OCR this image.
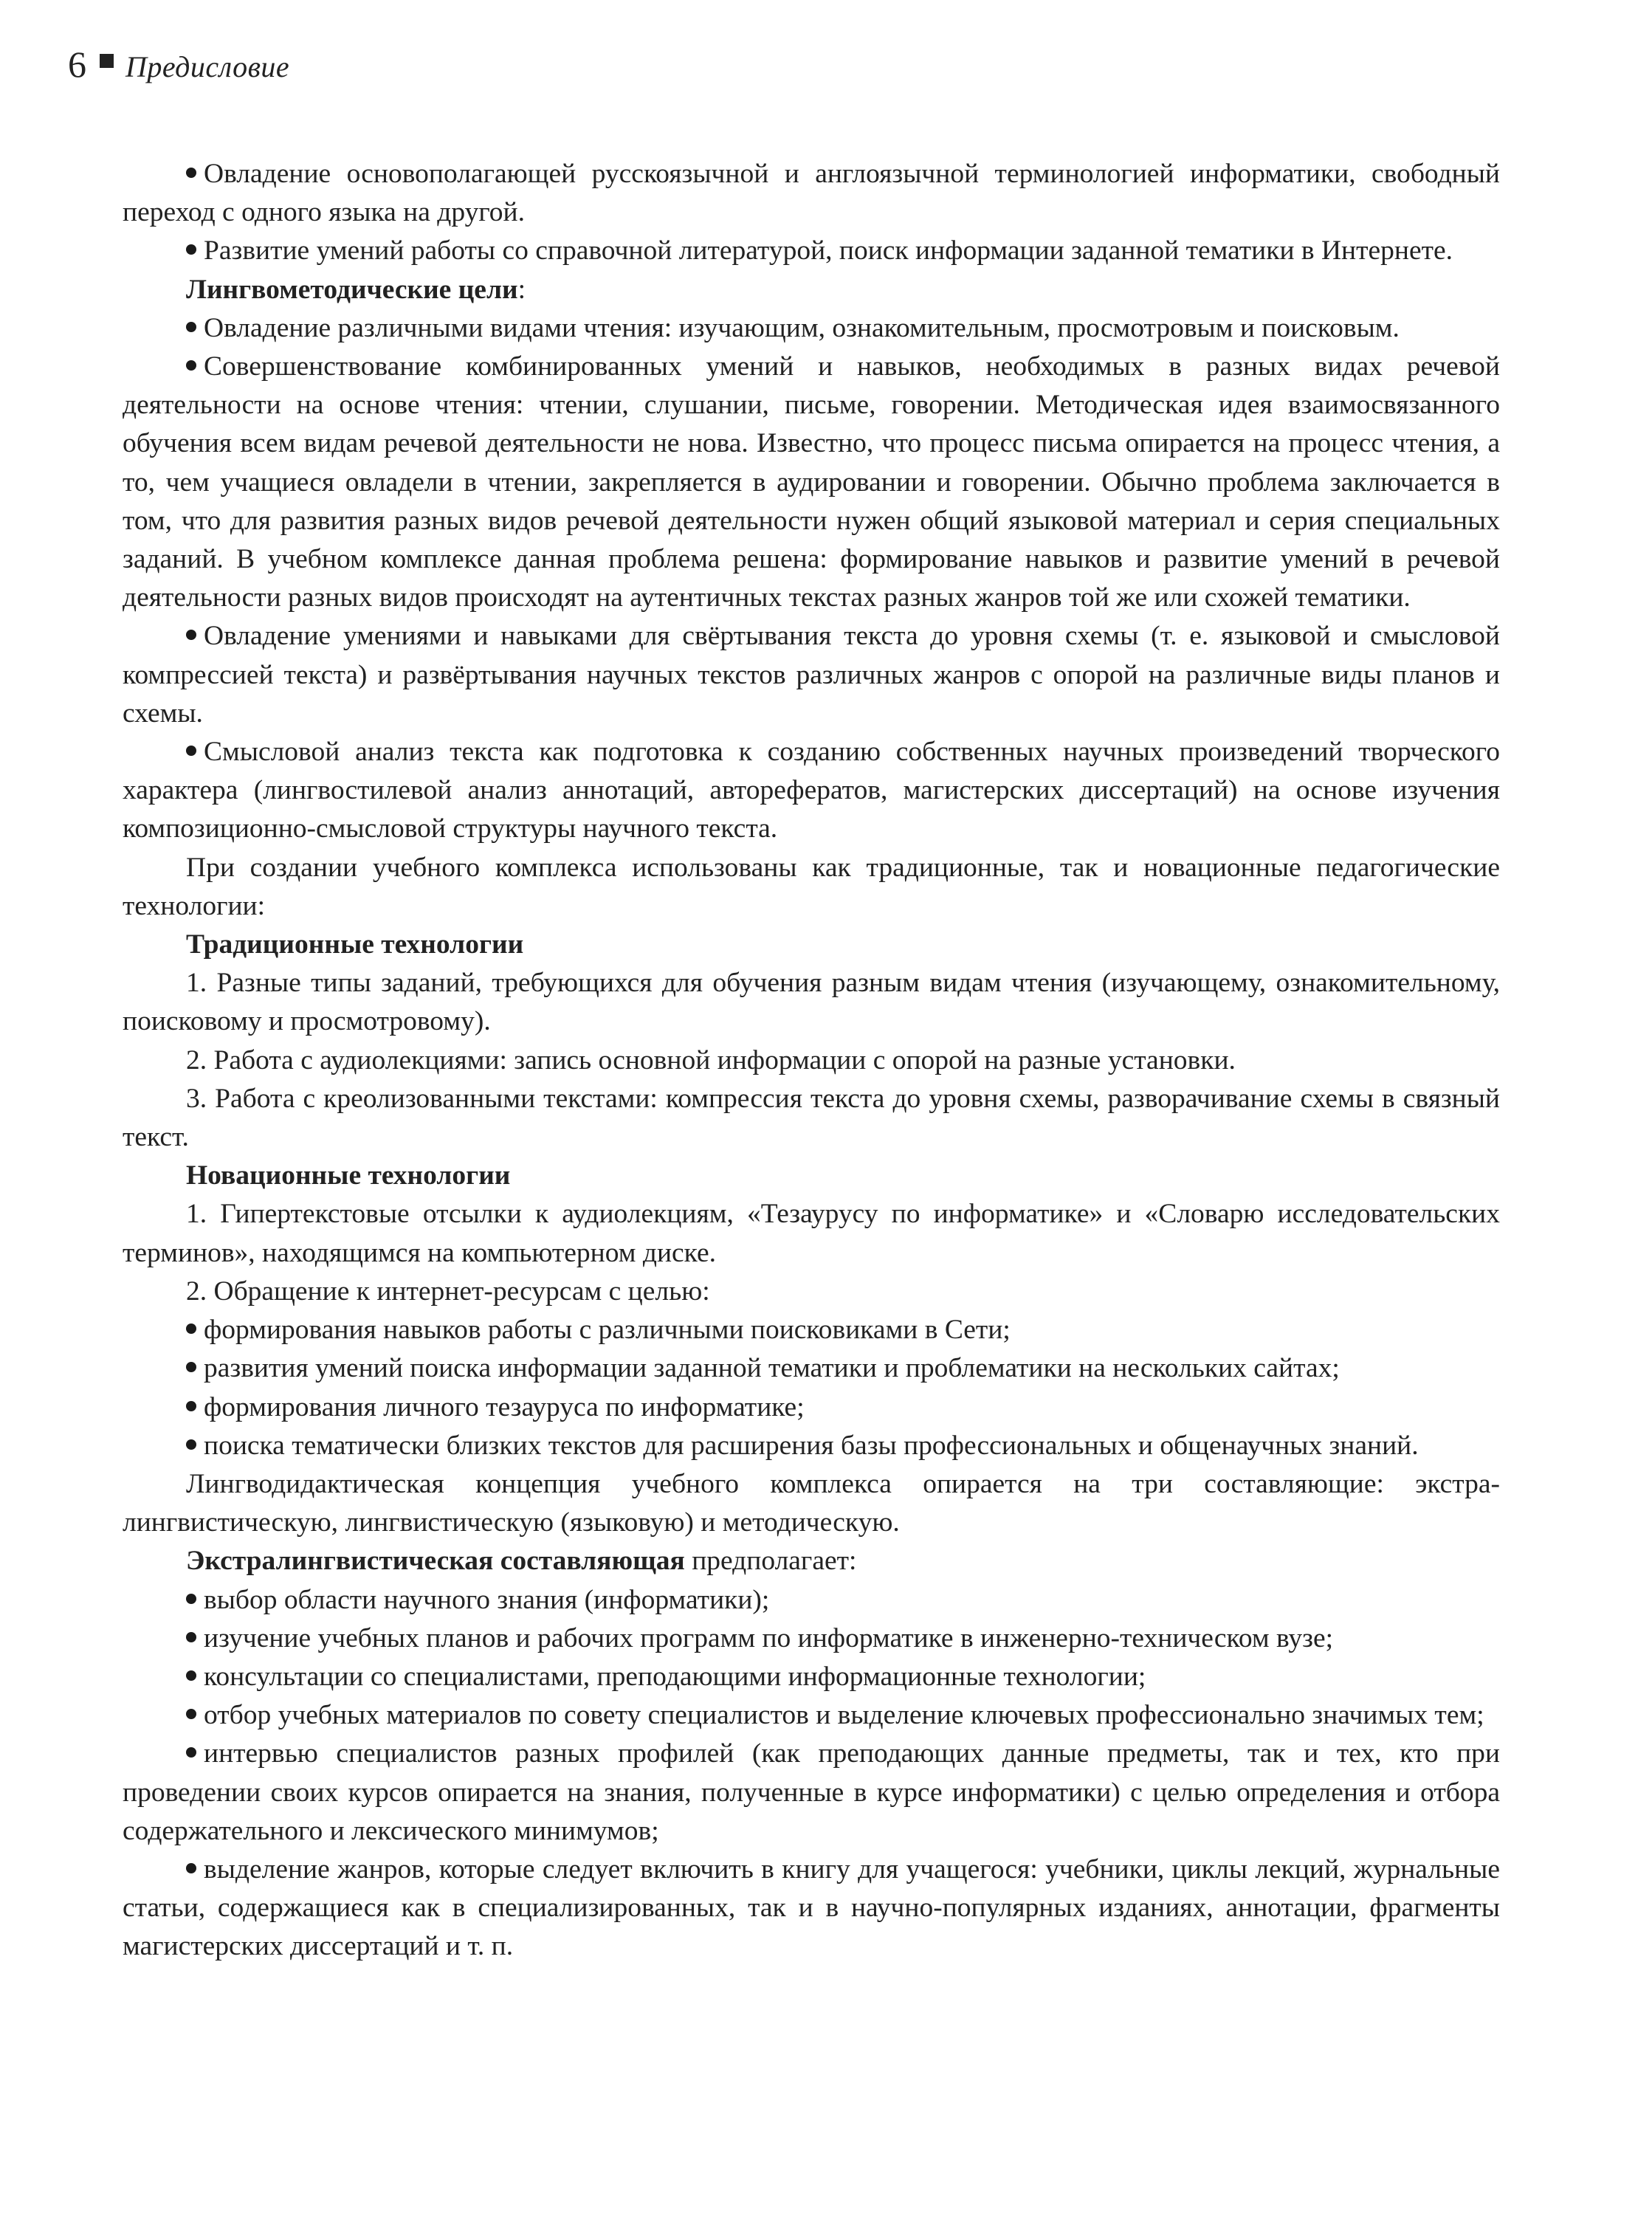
6 Предисловие

Овладение основополагающей русскоязычной и англоязычной терминологией информатики, свободный переход с одного языка на другой.

Развитие умений работы со справочной литературой, поиск информации заданной тематики в Интернете.

Лингвометодические цели:

Овладение различными видами чтения: изучающим, ознакомительным, просмотровым и поисковым.

Совершенствование комбинированных умений и навыков, необходимых в разных видах речевой деятельности на основе чтения: чтении, слушании, письме, говорении. Методическая идея взаимосвязанного обучения всем видам речевой деятельности не нова. Известно, что процесс письма опирается на процесс чтения, а то, чем учащиеся овладели в чтении, закрепляется в аудировании и говорении. Обычно проблема заключается в том, что для развития разных видов речевой деятельности нужен общий языковой материал и серия специальных заданий. В учебном комплексе данная проблема решена: формирование навыков и развитие умений в речевой деятельности разных видов происходят на аутентичных текстах разных жанров той же или схожей тематики.

Овладение умениями и навыками для свёртывания текста до уровня схемы (т. е. языковой и смысловой компрессией текста) и развёртывания научных текстов различных жанров с опорой на различные виды планов и схемы.

Смысловой анализ текста как подготовка к созданию собственных научных произведений творческого характера (лингвостилевой анализ аннотаций, авторефератов, магистерских диссертаций) на основе изучения композиционно-смысловой структуры научного текста.

При создании учебного комплекса использованы как традиционные, так и новационные педагогические технологии:

Традиционные технологии

1. Разные типы заданий, требующихся для обучения разным видам чтения (изучающему, ознакомительному, поисковому и просмотровому).

2. Работа с аудиолекциями: запись основной информации с опорой на разные установки.

3. Работа с креолизованными текстами: компрессия текста до уровня схемы, разворачивание схемы в связный текст.

Новационные технологии

1. Гипертекстовые отсылки к аудиолекциям, «Тезаурусу по информатике» и «Словарю исследовательских терминов», находящимся на компьютерном диске.

2. Обращение к интернет-ресурсам с целью:

формирования навыков работы с различными поисковиками в Сети;

развития умений поиска информации заданной тематики и проблематики на нескольких сайтах;

формирования личного тезауруса по информатике;

поиска тематически близких текстов для расширения базы профессиональных и общенаучных знаний.

Лингводидактическая концепция учебного комплекса опирается на три составляющие: экстралингвистическую, лингвистическую (языковую) и методическую.

Экстралингвистическая составляющая предполагает:

выбор области научного знания (информатики);

изучение учебных планов и рабочих программ по информатике в инженерно-техническом вузе;

консультации со специалистами, преподающими информационные технологии;

отбор учебных материалов по совету специалистов и выделение ключевых профессионально значимых тем;

интервью специалистов разных профилей (как преподающих данные предметы, так и тех, кто при проведении своих курсов опирается на знания, полученные в курсе информатики) с целью определения и отбора содержательного и лексического минимумов;

выделение жанров, которые следует включить в книгу для учащегося: учебники, циклы лекций, журнальные статьи, содержащиеся как в специализированных, так и в научно-популярных изданиях, аннотации, фрагменты магистерских диссертаций и т. п.
